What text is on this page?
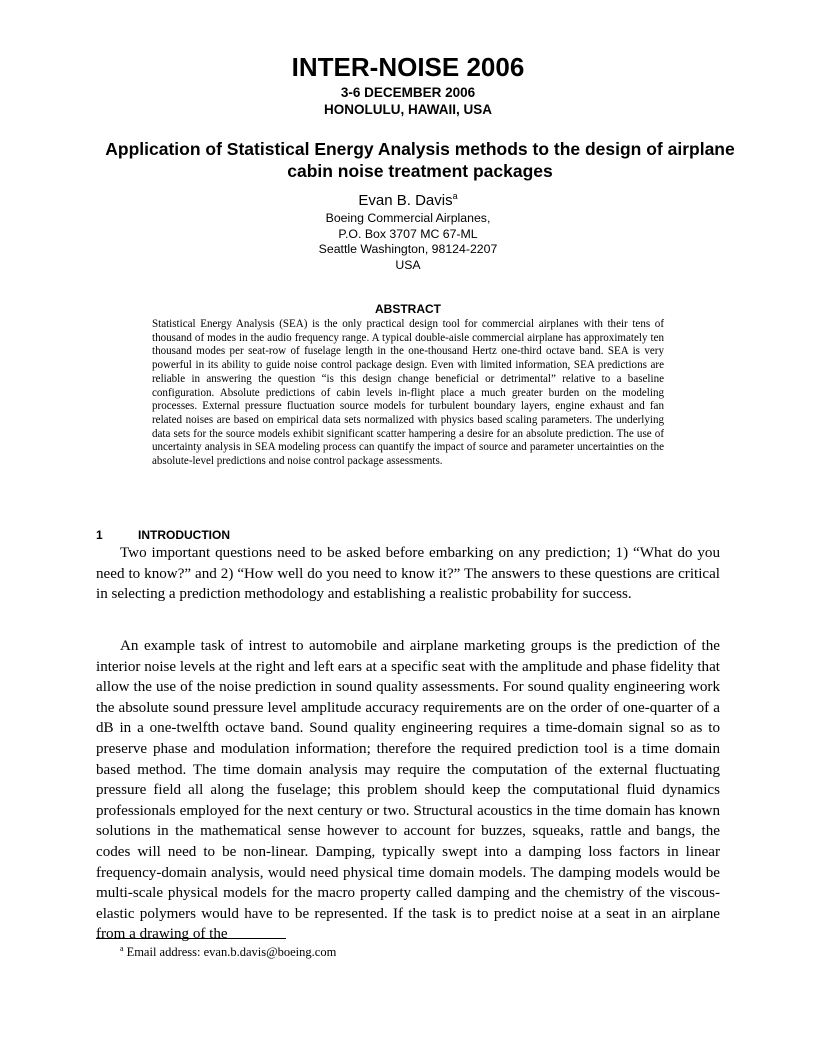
INTER-NOISE 2006
3-6 DECEMBER 2006
HONOLULU, HAWAII, USA
Application of Statistical Energy Analysis methods to the design of airplane cabin noise treatment packages
Evan B. Davis$^a$
Boeing Commercial Airplanes,
P.O. Box 3707 MC 67-ML
Seattle Washington, 98124-2207
USA
ABSTRACT

Statistical Energy Analysis (SEA) is the only practical design tool for commercial airplanes with their tens of thousand of modes in the audio frequency range. A typical double-aisle commercial airplane has approximately ten thousand modes per seat-row of fuselage length in the one-thousand Hertz one-third octave band. SEA is very powerful in its ability to guide noise control package design. Even with limited information, SEA predictions are reliable in answering the question “is this design change beneficial or detrimental” relative to a baseline configuration. Absolute predictions of cabin levels in-flight place a much greater burden on the modeling processes. External pressure fluctuation source models for turbulent boundary layers, engine exhaust and fan related noises are based on empirical data sets normalized with physics based scaling parameters. The underlying data sets for the source models exhibit significant scatter hampering a desire for an absolute prediction. The use of uncertainty analysis in SEA modeling process can quantify the impact of source and parameter uncertainties on the absolute-level predictions and noise control package assessments.

1	INTRODUCTION

Two important questions need to be asked before embarking on any prediction; 1) “What do you need to know?” and 2) “How well do you need to know it?” The answers to these questions are critical in selecting a prediction methodology and establishing a realistic probability for success.

An example task of intrest to automobile and airplane marketing groups is the prediction of the interior noise levels at the right and left ears at a specific seat with the amplitude and phase fidelity that allow the use of the noise prediction in sound quality assessments. For sound quality engineering work the absolute sound pressure level amplitude accuracy requirements are on the order of one-quarter of a dB in a one-twelfth octave band. Sound quality engineering requires a time-domain signal so as to preserve phase and modulation information; therefore the required prediction tool is a time domain based method. The time domain analysis may require the computation of the external fluctuating pressure field all along the fuselage; this problem should keep the computational fluid dynamics professionals employed for the next century or two. Structural acoustics in the time domain has known solutions in the mathematical sense however to account for buzzes, squeaks, rattle and bangs, the codes will need to be non-linear. Damping, typically swept into a damping loss factors in linear frequency-domain analysis, would need physical time domain models. The damping models would be multi-scale physical models for the macro property called damping and the chemistry of the viscous-elastic polymers would have to be represented. If the task is to predict noise at a seat in an airplane from a drawing of the

$^a$ Email address: evan.b.davis@boeing.com
